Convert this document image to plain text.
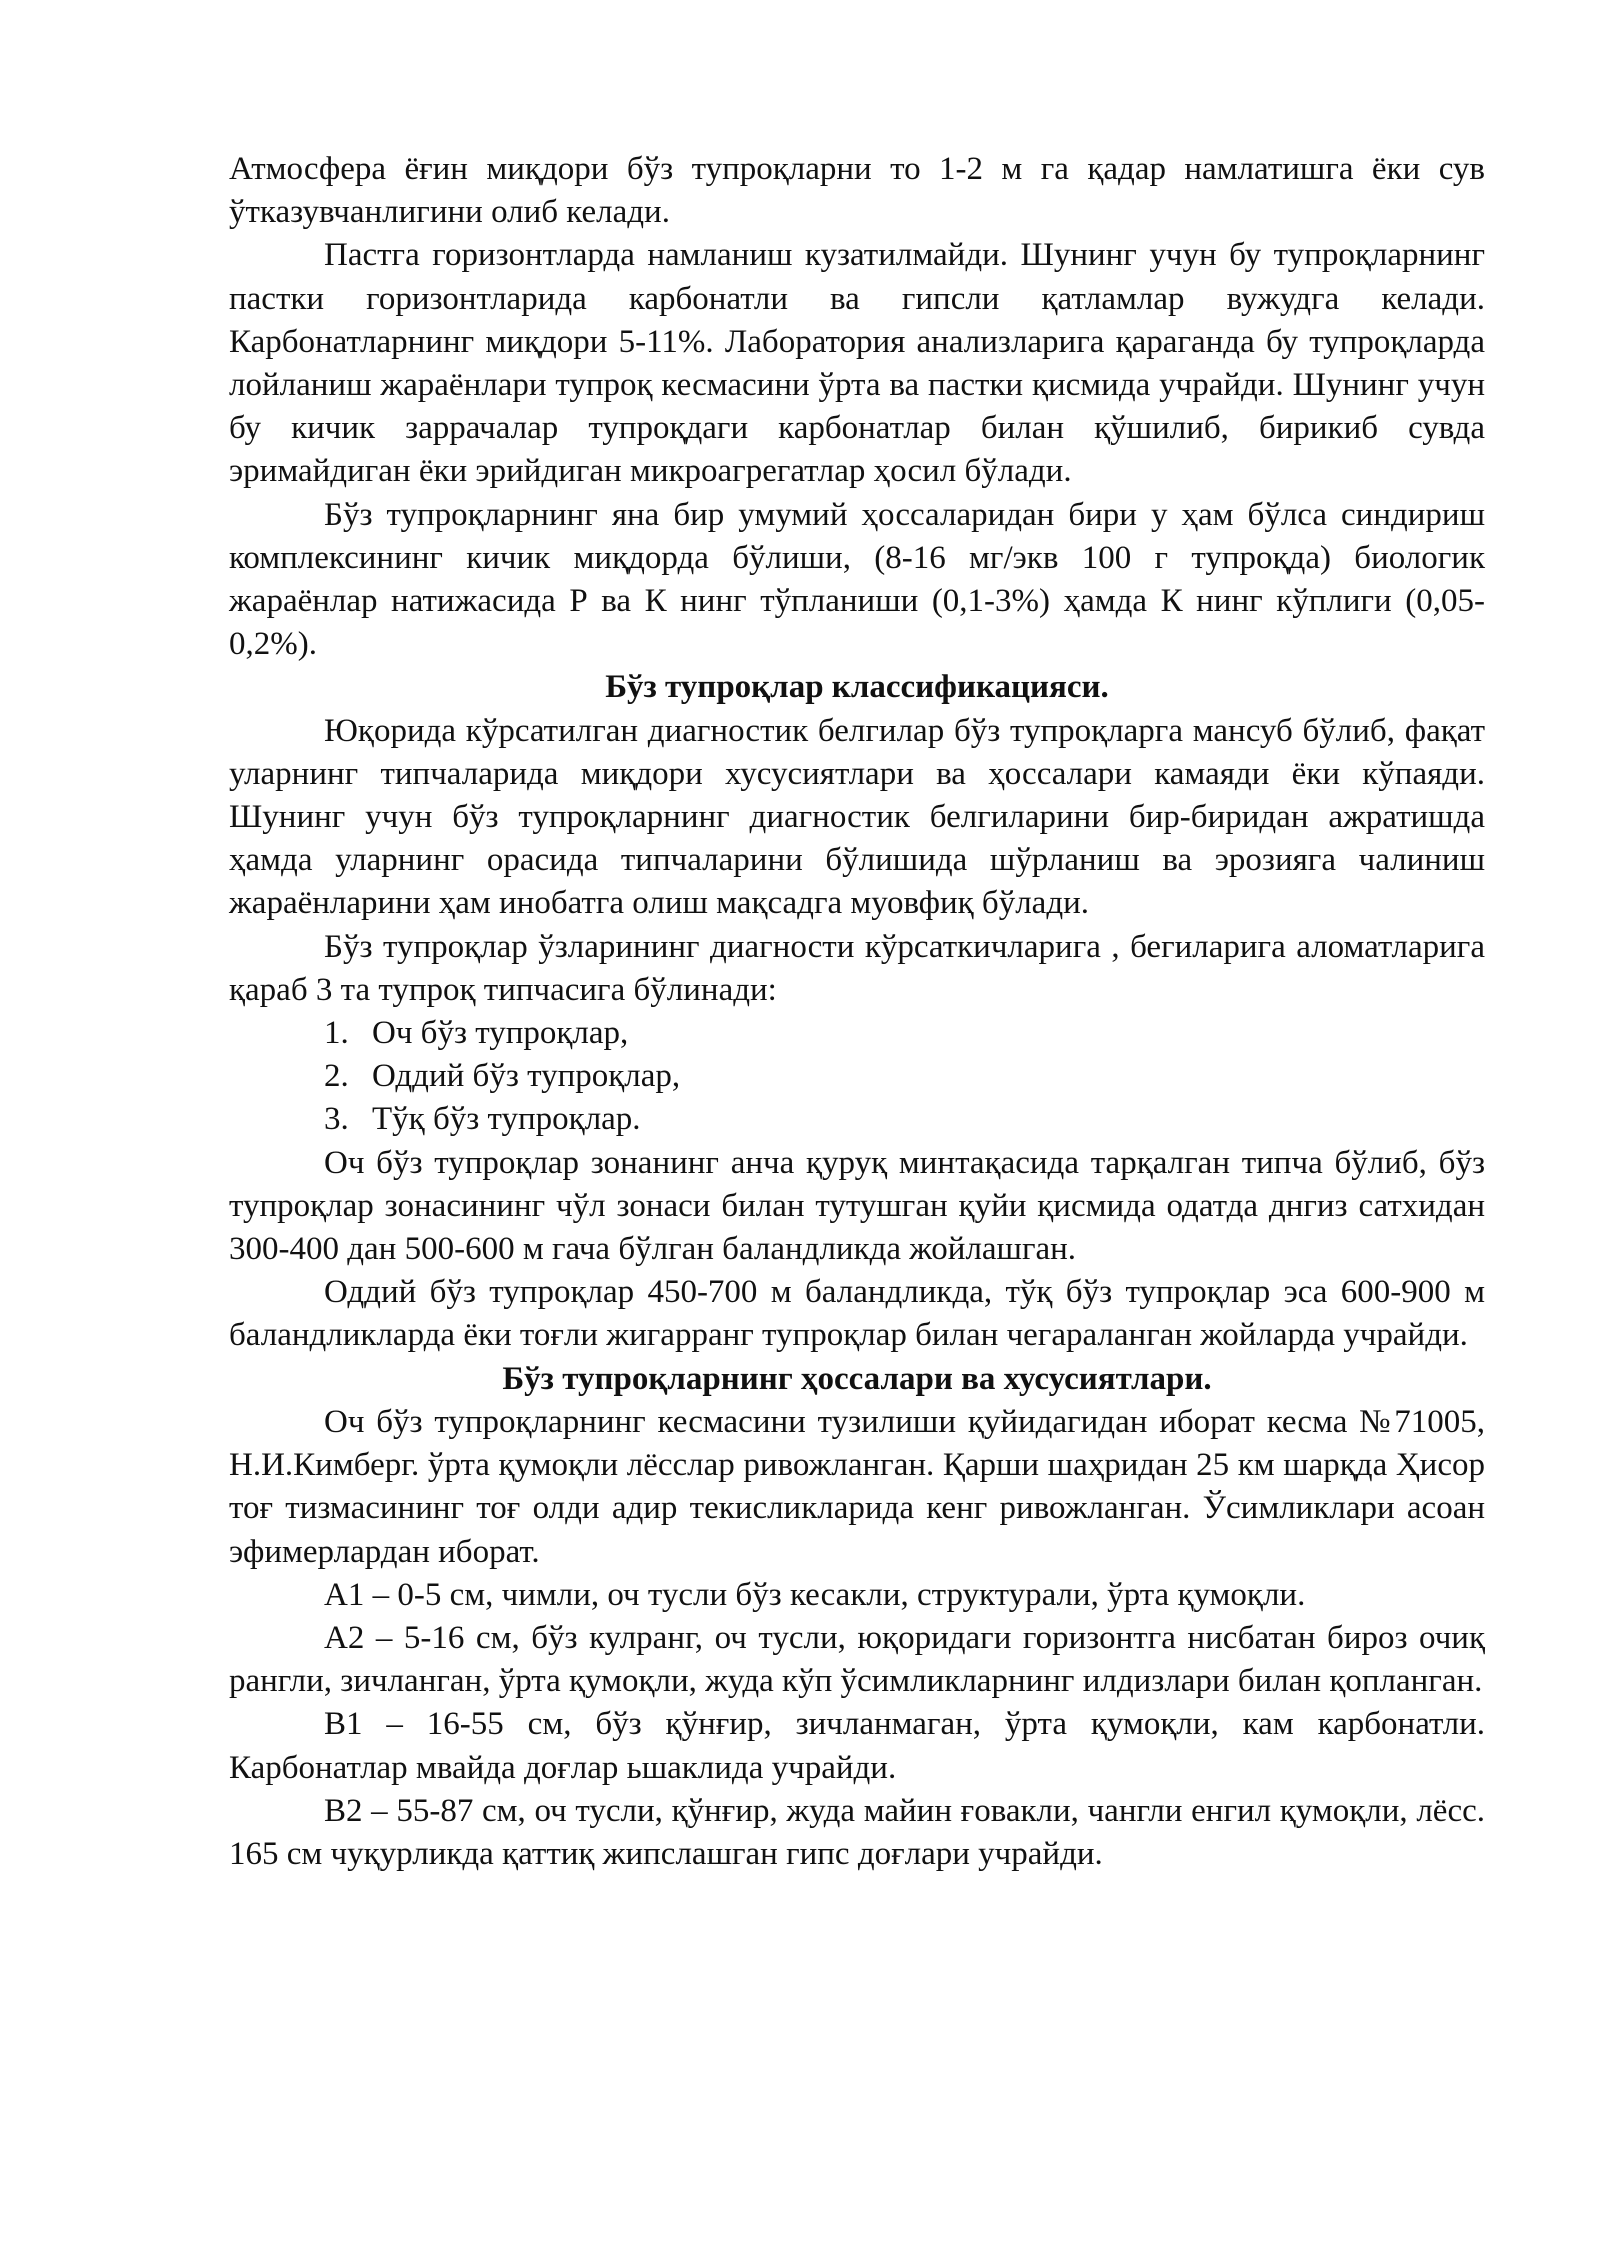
Атмосфера ёғин миқдори бўз тупроқларни то 1-2 м га қадар намлатишга ёки сув ўтказувчанлигини олиб келади.

Пастга горизонтларда намланиш кузатилмайди. Шунинг учун бу тупроқларнинг пастки горизонтларида карбонатли ва гипсли қатламлар вужудга келади. Карбонатларнинг миқдори 5-11%. Лаборатория анализларига қараганда бу тупроқларда лойланиш жараёнлари тупроқ кесмасини ўрта ва пастки қисмида учрайди. Шунинг учун бу кичик заррачалар тупроқдаги карбонатлар билан қўшилиб, бирикиб сувда эримайдиган ёки эрийдиган микроагрегатлар ҳосил бўлади.

Бўз тупроқларнинг яна бир умумий ҳоссаларидан бири у ҳам бўлса синдириш комплексининг кичик миқдорда бўлиши, (8-16 мг/экв 100 г тупроқда) биологик жараёнлар натижасида Р ва К нинг тўпланиши (0,1-3%) ҳамда К нинг кўплиги (0,05-0,2%).

Бўз тупроқлар классификацияси.

Юқорида кўрсатилган диагностик белгилар бўз тупроқларга мансуб бўлиб, фақат уларнинг типчаларида миқдори хусусиятлари ва ҳоссалари камаяди ёки кўпаяди. Шунинг учун бўз тупроқларнинг диагностик белгиларини бир-биридан ажратишда ҳамда уларнинг орасида типчаларини бўлишида шўрланиш ва эрозияга чалиниш жараёнларини ҳам инобатга олиш мақсадга муовфиқ бўлади.

Бўз тупроқлар ўзларининг диагности кўрсаткичларига , бегиларига аломатларига қараб 3 та тупроқ типчасига бўлинади:

1. Оч бўз тупроқлар,
2. Оддий бўз тупроқлар,
3. Тўқ бўз тупроқлар.

Оч бўз тупроқлар зонанинг анча қуруқ минтақасида тарқалган типча бўлиб, бўз тупроқлар зонасининг чўл зонаси билан тутушган қуйи қисмида одатда днгиз сатхидан 300-400 дан 500-600 м гача бўлган баландликда жойлашган.

Оддий бўз тупроқлар 450-700 м баландликда, тўқ бўз тупроқлар эса 600-900 м баландликларда ёки тоғли жигарранг тупроқлар билан чегараланган жойларда учрайди.

Бўз тупроқларнинг ҳоссалари ва хусусиятлари.

Оч бўз тупроқларнинг кесмасини тузилиши қуйидагидан иборат кесма №71005, Н.И.Кимберг. ўрта қумоқли лёсслар ривожланган. Қарши шаҳридан 25 км шарқда Ҳисор тоғ тизмасининг тоғ олди адир текисликларида кенг ривожланган. Ўсимликлари асоан эфимерлардан иборат.

А1 – 0-5 см, чимли, оч тусли бўз кесакли, структурали, ўрта қумоқли.

А2 – 5-16 см, бўз кулранг, оч тусли, юқоридаги горизонтга нисбатан бироз очиқ рангли, зичланган, ўрта қумоқли, жуда кўп ўсимликларнинг илдизлари билан қопланган.

В1 – 16-55 см, бўз қўнғир, зичланмаган, ўрта қумоқли, кам карбонатли. Карбонатлар мвайда доғлар ьшаклида учрайди.

В2 – 55-87 см, оч тусли, қўнғир, жуда майин ғовакли, чангли енгил қумоқли, лёсс. 165 см чуқурликда қаттиқ жипслашган гипс доғлари учрайди.
